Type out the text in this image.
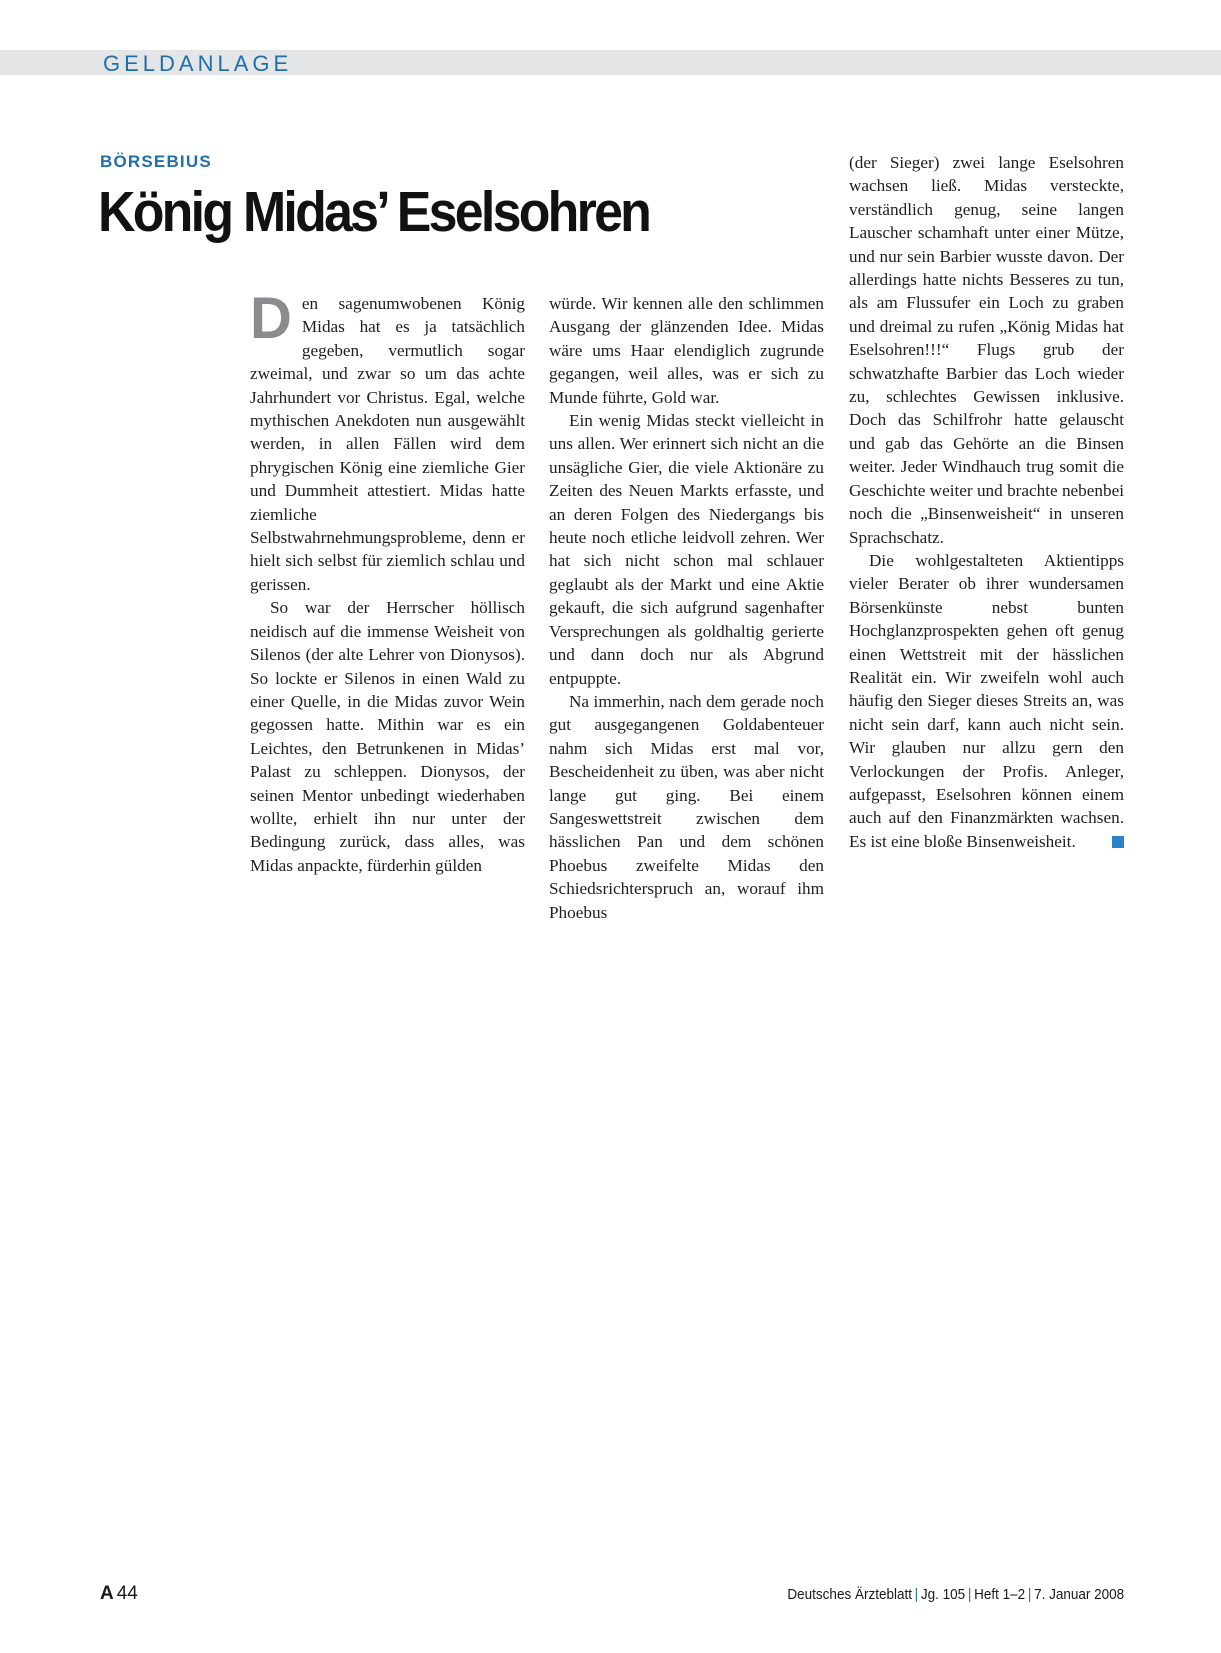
GELDANLAGE
BÖRSEBIUS
König Midas’ Eselsohren

Den sagenumwobenen König Midas hat es ja tatsächlich gegeben, vermutlich sogar zweimal, und zwar so um das achte Jahrhundert vor Christus. Egal, welche mythischen Anekdoten nun ausgewählt werden, in allen Fällen wird dem phrygischen König eine ziemliche Gier und Dummheit attestiert. Midas hatte ziemliche Selbstwahrnehmungsprobleme, denn er hielt sich selbst für ziemlich schlau und gerissen.

So war der Herrscher höllisch neidisch auf die immense Weisheit von Silenos (der alte Lehrer von Dionysos). So lockte er Silenos in einen Wald zu einer Quelle, in die Midas zuvor Wein gegossen hatte. Mithin war es ein Leichtes, den Betrunkenen in Midas’ Palast zu schleppen. Dionysos, der seinen Mentor unbedingt wiederhaben wollte, erhielt ihn nur unter der Bedingung zurück, dass alles, was Midas anpackte, fürderhin gülden

würde. Wir kennen alle den schlimmen Ausgang der glänzenden Idee. Midas wäre ums Haar elendiglich zugrunde gegangen, weil alles, was er sich zu Munde führte, Gold war.

Ein wenig Midas steckt vielleicht in uns allen. Wer erinnert sich nicht an die unsägliche Gier, die viele Aktionäre zu Zeiten des Neuen Markts erfasste, und an deren Folgen des Niedergangs bis heute noch etliche leidvoll zehren. Wer hat sich nicht schon mal schlauer geglaubt als der Markt und eine Aktie gekauft, die sich aufgrund sagenhafter Versprechungen als goldhaltig gerierte und dann doch nur als Abgrund entpuppte.

Na immerhin, nach dem gerade noch gut ausgegangenen Goldabenteuer nahm sich Midas erst mal vor, Bescheidenheit zu üben, was aber nicht lange gut ging. Bei einem Sangeswettstreit zwischen dem hässlichen Pan und dem schönen Phoebus zweifelte Midas den Schiedsrichterspruch an, worauf ihm Phoebus

(der Sieger) zwei lange Eselsohren wachsen ließ. Midas versteckte, verständlich genug, seine langen Lauscher schamhaft unter einer Mütze, und nur sein Barbier wusste davon. Der allerdings hatte nichts Besseres zu tun, als am Flussufer ein Loch zu graben und dreimal zu rufen „König Midas hat Eselsohren!!!“ Flugs grub der schwatzhafte Barbier das Loch wieder zu, schlechtes Gewissen inklusive. Doch das Schilfrohr hatte gelauscht und gab das Gehörte an die Binsen weiter. Jeder Windhauch trug somit die Geschichte weiter und brachte nebenbei noch die „Binsenweisheit“ in unseren Sprachschatz.

Die wohlgestalteten Aktientipps vieler Berater ob ihrer wundersamen Börsenkünste nebst bunten Hochglanzprospekten gehen oft genug einen Wettstreit mit der hässlichen Realität ein. Wir zweifeln wohl auch häufig den Sieger dieses Streits an, was nicht sein darf, kann auch nicht sein. Wir glauben nur allzu gern den Verlockungen der Profis. Anleger, aufgepasst, Eselsohren können einem auch auf den Finanzmärkten wachsen. Es ist eine bloße Binsenweisheit.

A 44	Deutsches Ärzteblatt | Jg. 105 | Heft 1–2 | 7. Januar 2008
